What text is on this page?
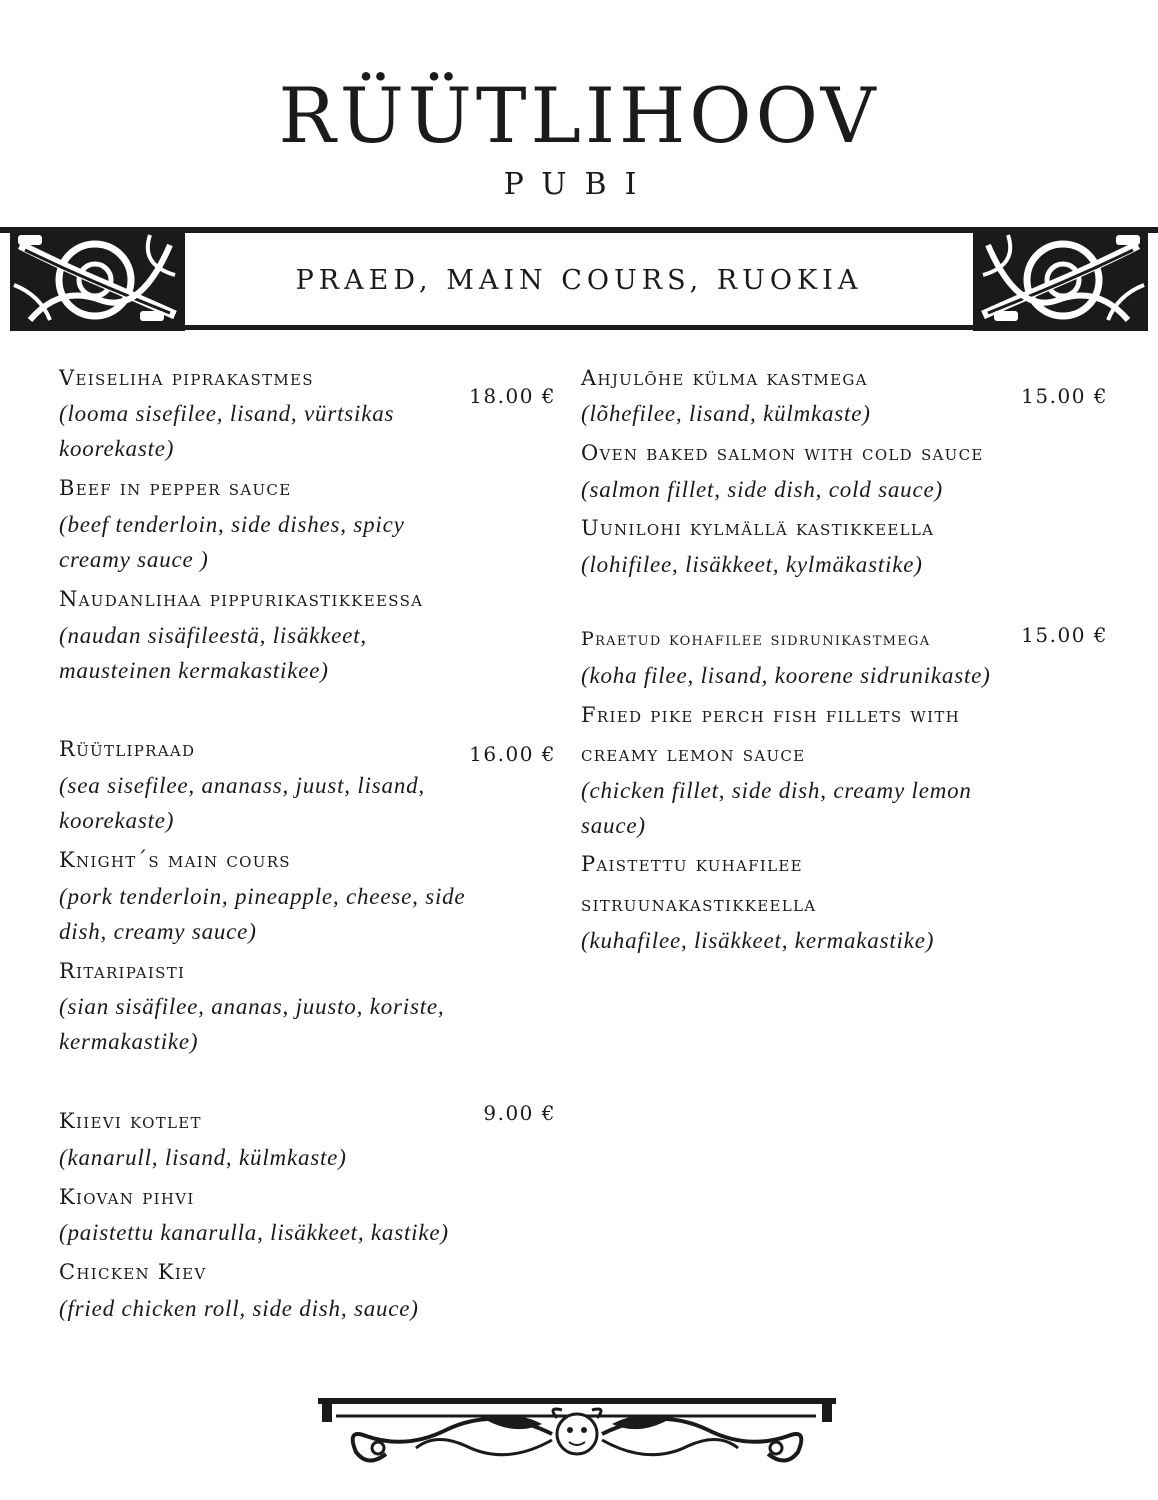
RÜÜTLIHOOV
PUBI
PRAED, MAIN COURS, RUOKIA
18.00 €
Veiseliha piprakastmes
(looma sisefilee, lisand, vürtsikas koorekaste)
Beef in pepper sauce
(beef tenderloin, side dishes, spicy creamy sauce )
Naudanlihaa pippurikastikkeessa
(naudan sisäfileestä, lisäkkeet, mausteinen kermakastikee)
16.00 €
Rüütlipraad
(sea sisefilee, ananass, juust, lisand, koorekaste)
Knight´s main cours
(pork tenderloin, pineapple, cheese, side dish, creamy sauce)
Ritaripaisti
(sian sisäfilee, ananas, juusto, koriste, kermakastike)
9.00 €
Kiievi kotlet
(kanarull, lisand, külmkaste)
Kiovan pihvi
(paistettu kanarulla, lisäkkeet, kastike)
Chicken Kiev
(fried chicken roll, side dish, sauce)
15.00 €
Ahjulõhe külma kastmega
(lõhefilee, lisand, külmkaste)
Oven baked salmon with cold sauce
(salmon fillet, side dish, cold sauce)
Uunilohi kylmällä kastikkeella
(lohifilee, lisäkkeet, kylmäkastike)
15.00 €
Praetud kohafilee sidrunikastmega
(koha filee, lisand, koorene sidrunikaste)
Fried pike perch fish fillets with
creamy lemon sauce
(chicken fillet, side dish, creamy lemon sauce)
Paistettu kuhafilee
sitruunakastikkeella
(kuhafilee, lisäkkeet, kermakastike)
